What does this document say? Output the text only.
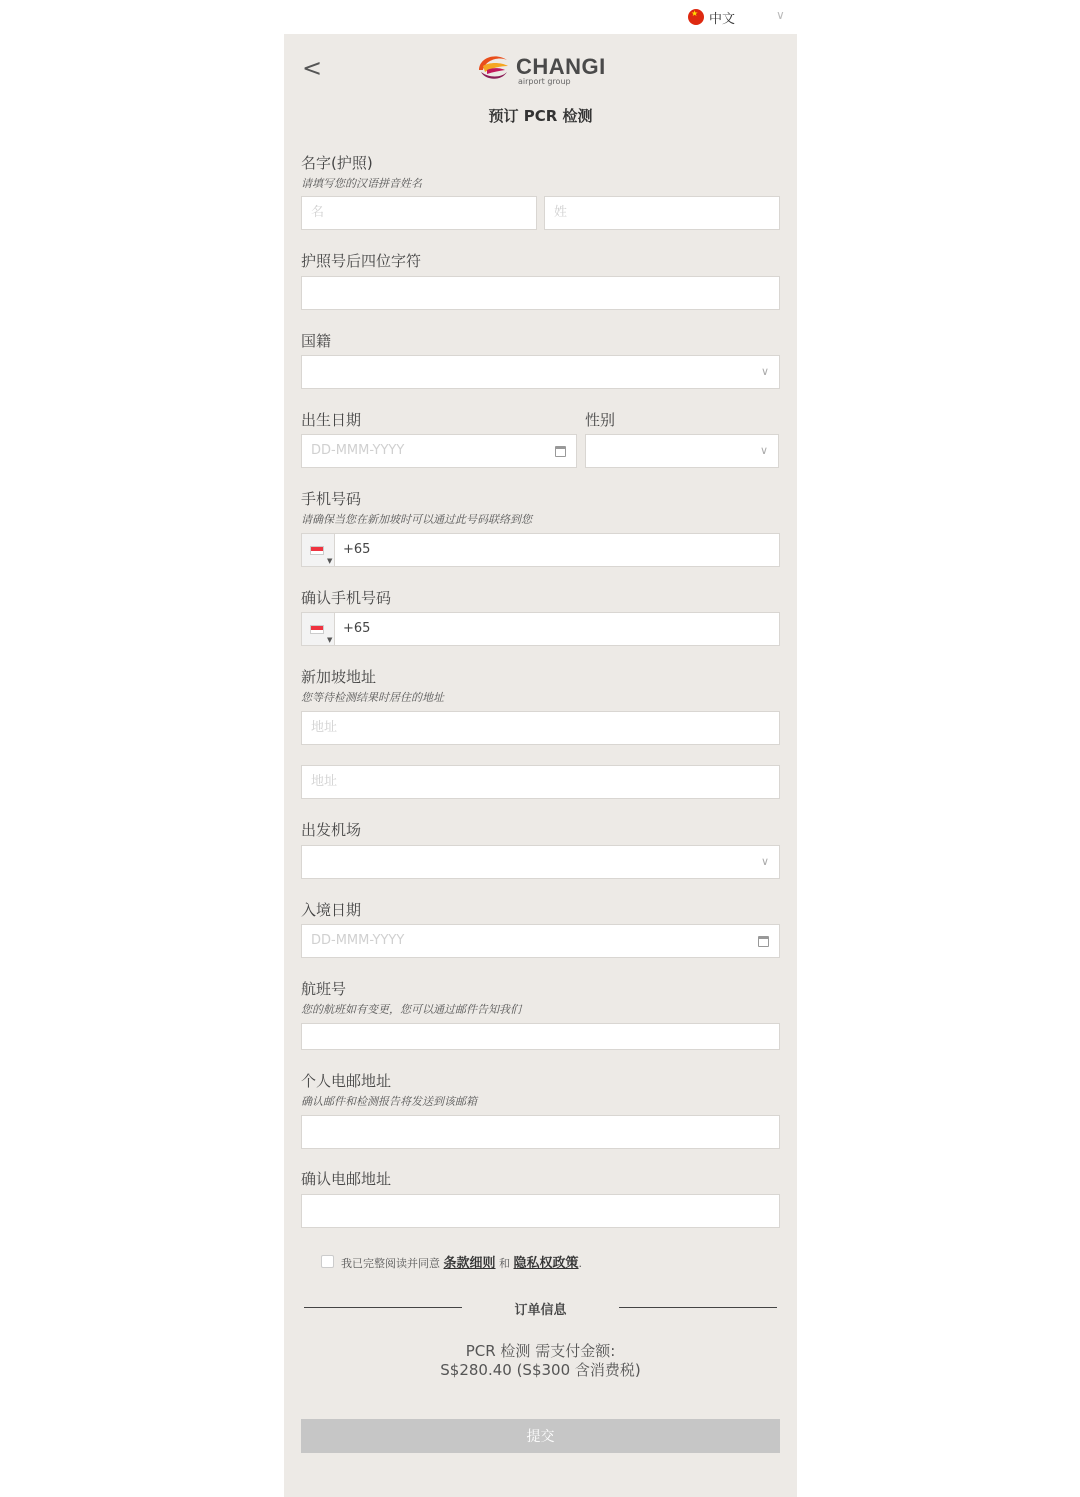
★
中文	∨
<	CHANGI
airport group
预订 PCR 检测
名字(护照)
请填写您的汉语拼音姓名
名	姓
护照号后四位字符
国籍
∨
出生日期	性别
DD-MMM-YYYY	∨
手机号码
请确保当您在新加坡时可以通过此号码联络到您
▼
+65
确认手机号码
▼
+65
新加坡地址
您等待检测结果时居住的地址
地址
地址
出发机场
∨
入境日期
DD-MMM-YYYY
航班号
您的航班如有变更，您可以通过邮件告知我们
个人电邮地址
确认邮件和检测报告将发送到该邮箱
确认电邮地址
我已完整阅读并同意 条款细则 和 隐私权政策.
订单信息
PCR 检测 需支付金额:
S$280.40 (S$300 含消费税)
提交
